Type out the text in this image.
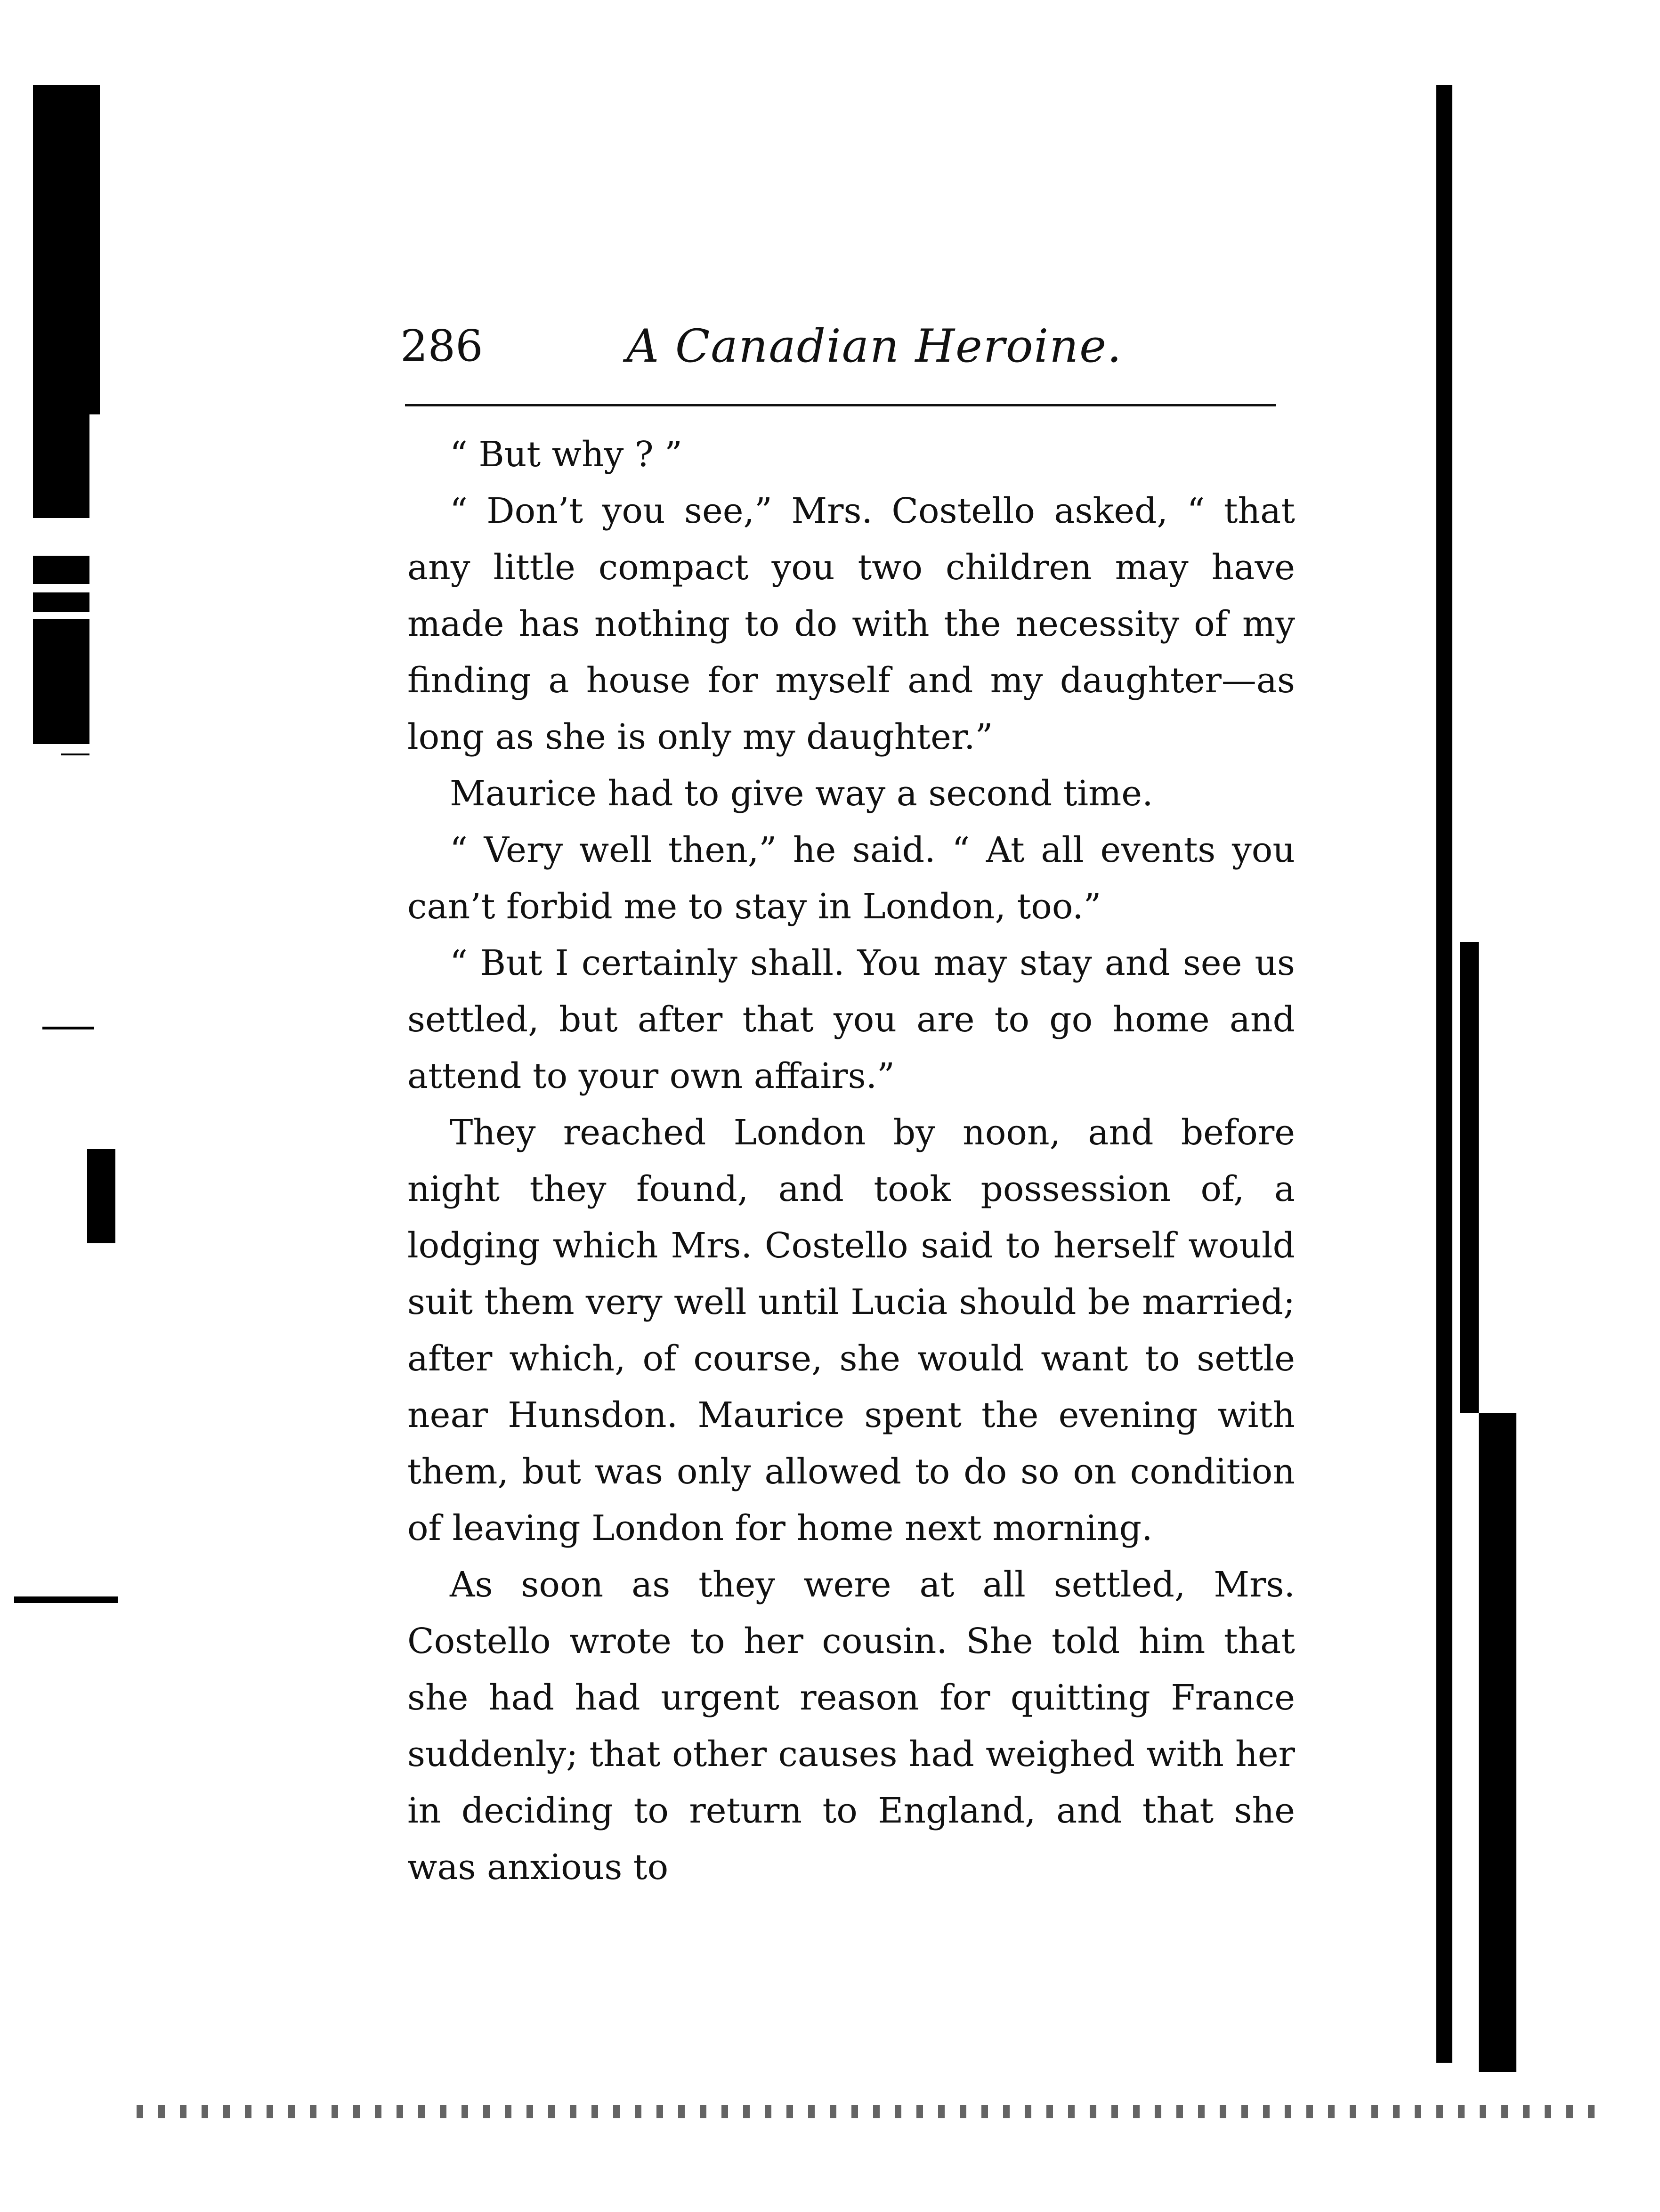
286	A Canadian Heroine.

“ But why ? ”

“ Don’t you see,” Mrs. Costello asked, “ that any little compact you two children may have made has nothing to do with the necessity of my finding a house for myself and my daughter—as long as she is only my daughter.”

Maurice had to give way a second time.

“ Very well then,” he said. “ At all events you can’t forbid me to stay in London, too.”

“ But I certainly shall. You may stay and see us settled, but after that you are to go home and attend to your own affairs.”

They reached London by noon, and before night they found, and took possession of, a lodging which Mrs. Costello said to herself would suit them very well until Lucia should be married; after which, of course, she would want to settle near Hunsdon. Maurice spent the evening with them, but was only allowed to do so on condition of leaving London for home next morning.

As soon as they were at all settled, Mrs. Costello wrote to her cousin. She told him that she had had urgent reason for quitting France suddenly; that other causes had weighed with her in deciding to return to England, and that she was anxious to
